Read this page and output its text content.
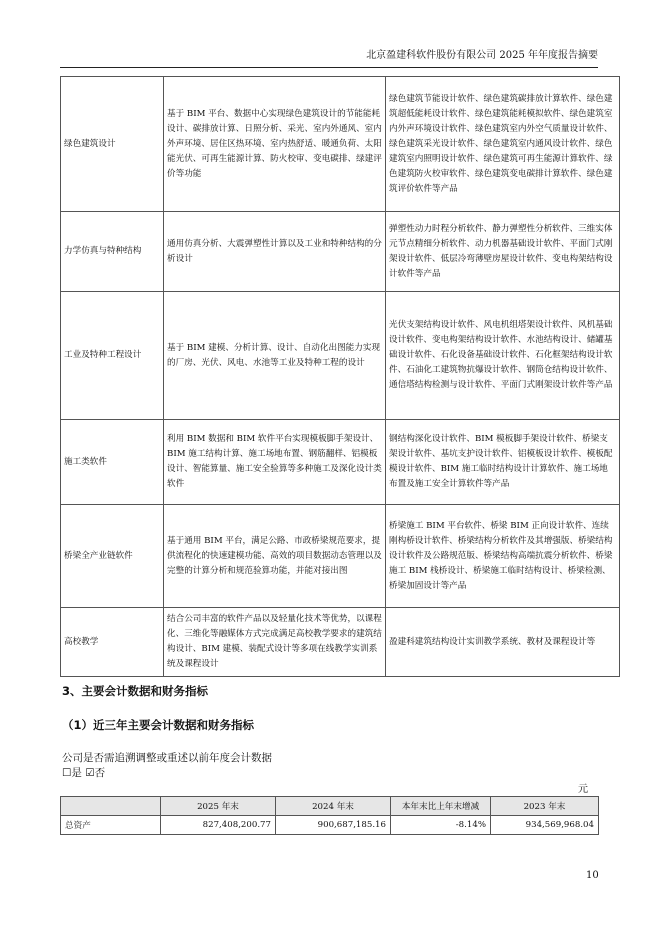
北京盈建科软件股份有限公司 2025 年年度报告摘要
绿色建筑设计	基于 BIM 平台、数据中心实现绿色建筑设计的节能能耗设计、碳排放计算、日照分析、采光、室内外通风、室内外声环境、居住区热环境、室内热舒适、暖通负荷、太阳能光伏、可再生能源计算、防火校审、变电碳排、绿建评价等功能	绿色建筑节能设计软件、绿色建筑碳排放计算软件、绿色建筑超低能耗设计软件、绿色建筑能耗模拟软件、绿色建筑室内外声环境设计软件、绿色建筑室内外空气质量设计软件、绿色建筑采光设计软件、绿色建筑室内通风设计软件、绿色建筑室内照明设计软件、绿色建筑可再生能源计算软件、绿色建筑防火校审软件、绿色建筑变电碳排计算软件、绿色建筑评价软件等产品
力学仿真与特种结构	通用仿真分析、大震弹塑性计算以及工业和特种结构的分析设计	弹塑性动力时程分析软件、静力弹塑性分析软件、三维实体元节点精细分析软件、动力机器基础设计软件、平面门式刚架设计软件、低层冷弯薄壁房屋设计软件、变电构架结构设计软件等产品
工业及特种工程设计	基于 BIM 建模、分析计算、设计、自动化出图能力实现的厂房、光伏、风电、水池等工业及特种工程的设计	光伏支架结构设计软件、风电机组塔架设计软件、风机基础设计软件、变电构架结构设计软件、水池结构设计、储罐基础设计软件、石化设备基础设计软件、石化框架结构设计软件、石油化工建筑物抗爆设计软件、钢筒仓结构设计软件、通信塔结构检测与设计软件、平面门式刚架设计软件等产品
施工类软件	利用 BIM 数据和 BIM 软件平台实现模板脚手架设计、BIM 施工结构计算、施工场地布置、钢筋翻样、铝模板设计、智能算量、施工安全验算等多种施工及深化设计类软件	钢结构深化设计软件、BIM 模板脚手架设计软件、桥梁支架设计软件、基坑支护设计软件、铝模板设计软件、模板配模设计软件、BIM 施工临时结构设计计算软件、施工场地布置及施工安全计算软件等产品
桥梁全产业链软件	基于通用 BIM 平台，满足公路、市政桥梁规范要求，提供流程化的快速建模功能、高效的项目数据动态管理以及完整的计算分析和规范验算功能，并能对接出图	桥梁施工 BIM 平台软件、桥梁 BIM 正向设计软件、连续刚构桥设计软件、桥梁结构分析软件及其增强版、桥梁结构设计软件及公路规范版、桥梁结构高端抗震分析软件、桥梁施工 BIM 栈桥设计、桥梁施工临时结构设计、桥梁检测、桥梁加固设计等产品
高校教学	结合公司丰富的软件产品以及轻量化技术等优势，以课程化、三维化等融媒体方式完成满足高校教学要求的建筑结构设计、BIM 建模、装配式设计等多项在线教学实训系统及课程设计	盈建科建筑结构设计实训教学系统、教材及课程设计等
3、主要会计数据和财务指标
（1）近三年主要会计数据和财务指标
公司是否需追溯调整或重述以前年度会计数据
☐是 ☑否
元
	2025 年末	2024 年末	本年末比上年末增减	2023 年末
总资产	827,408,200.77	900,687,185.16	-8.14%	934,569,968.04
10
